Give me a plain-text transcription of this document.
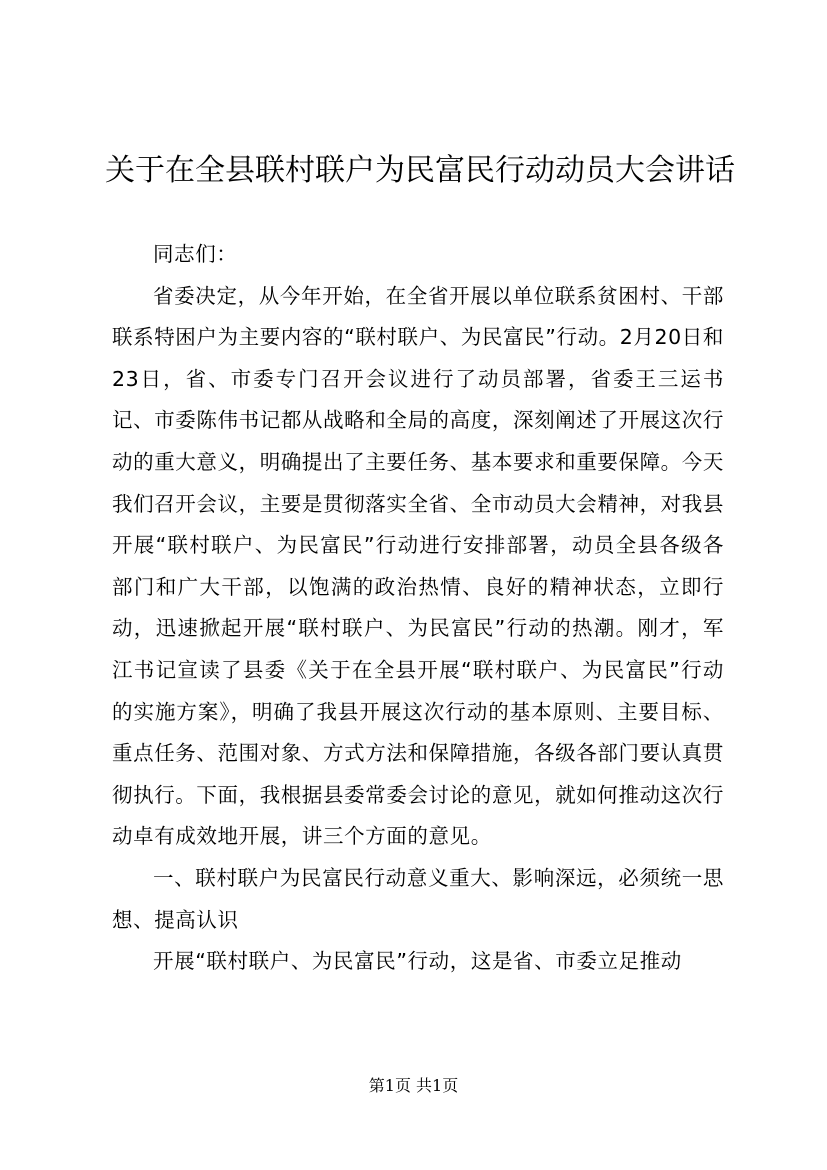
关于在全县联村联户为民富民行动动员大会讲话

同志们：

省委决定，从今年开始，在全省开展以单位联系贫困村、干部联系特困户为主要内容的“联村联户、为民富民”行动。2月20日和23日，省、市委专门召开会议进行了动员部署，省委王三运书记、市委陈伟书记都从战略和全局的高度，深刻阐述了开展这次行动的重大意义，明确提出了主要任务、基本要求和重要保障。今天我们召开会议，主要是贯彻落实全省、全市动员大会精神，对我县开展“联村联户、为民富民”行动进行安排部署，动员全县各级各部门和广大干部，以饱满的政治热情、良好的精神状态，立即行动，迅速掀起开展“联村联户、为民富民”行动的热潮。刚才，军江书记宣读了县委《关于在全县开展“联村联户、为民富民”行动的实施方案》，明确了我县开展这次行动的基本原则、主要目标、重点任务、范围对象、方式方法和保障措施，各级各部门要认真贯彻执行。下面，我根据县委常委会讨论的意见，就如何推动这次行动卓有成效地开展，讲三个方面的意见。

一、联村联户为民富民行动意义重大、影响深远，必须统一思想、提高认识

开展“联村联户、为民富民”行动，这是省、市委立足推动

第1页 共1页
